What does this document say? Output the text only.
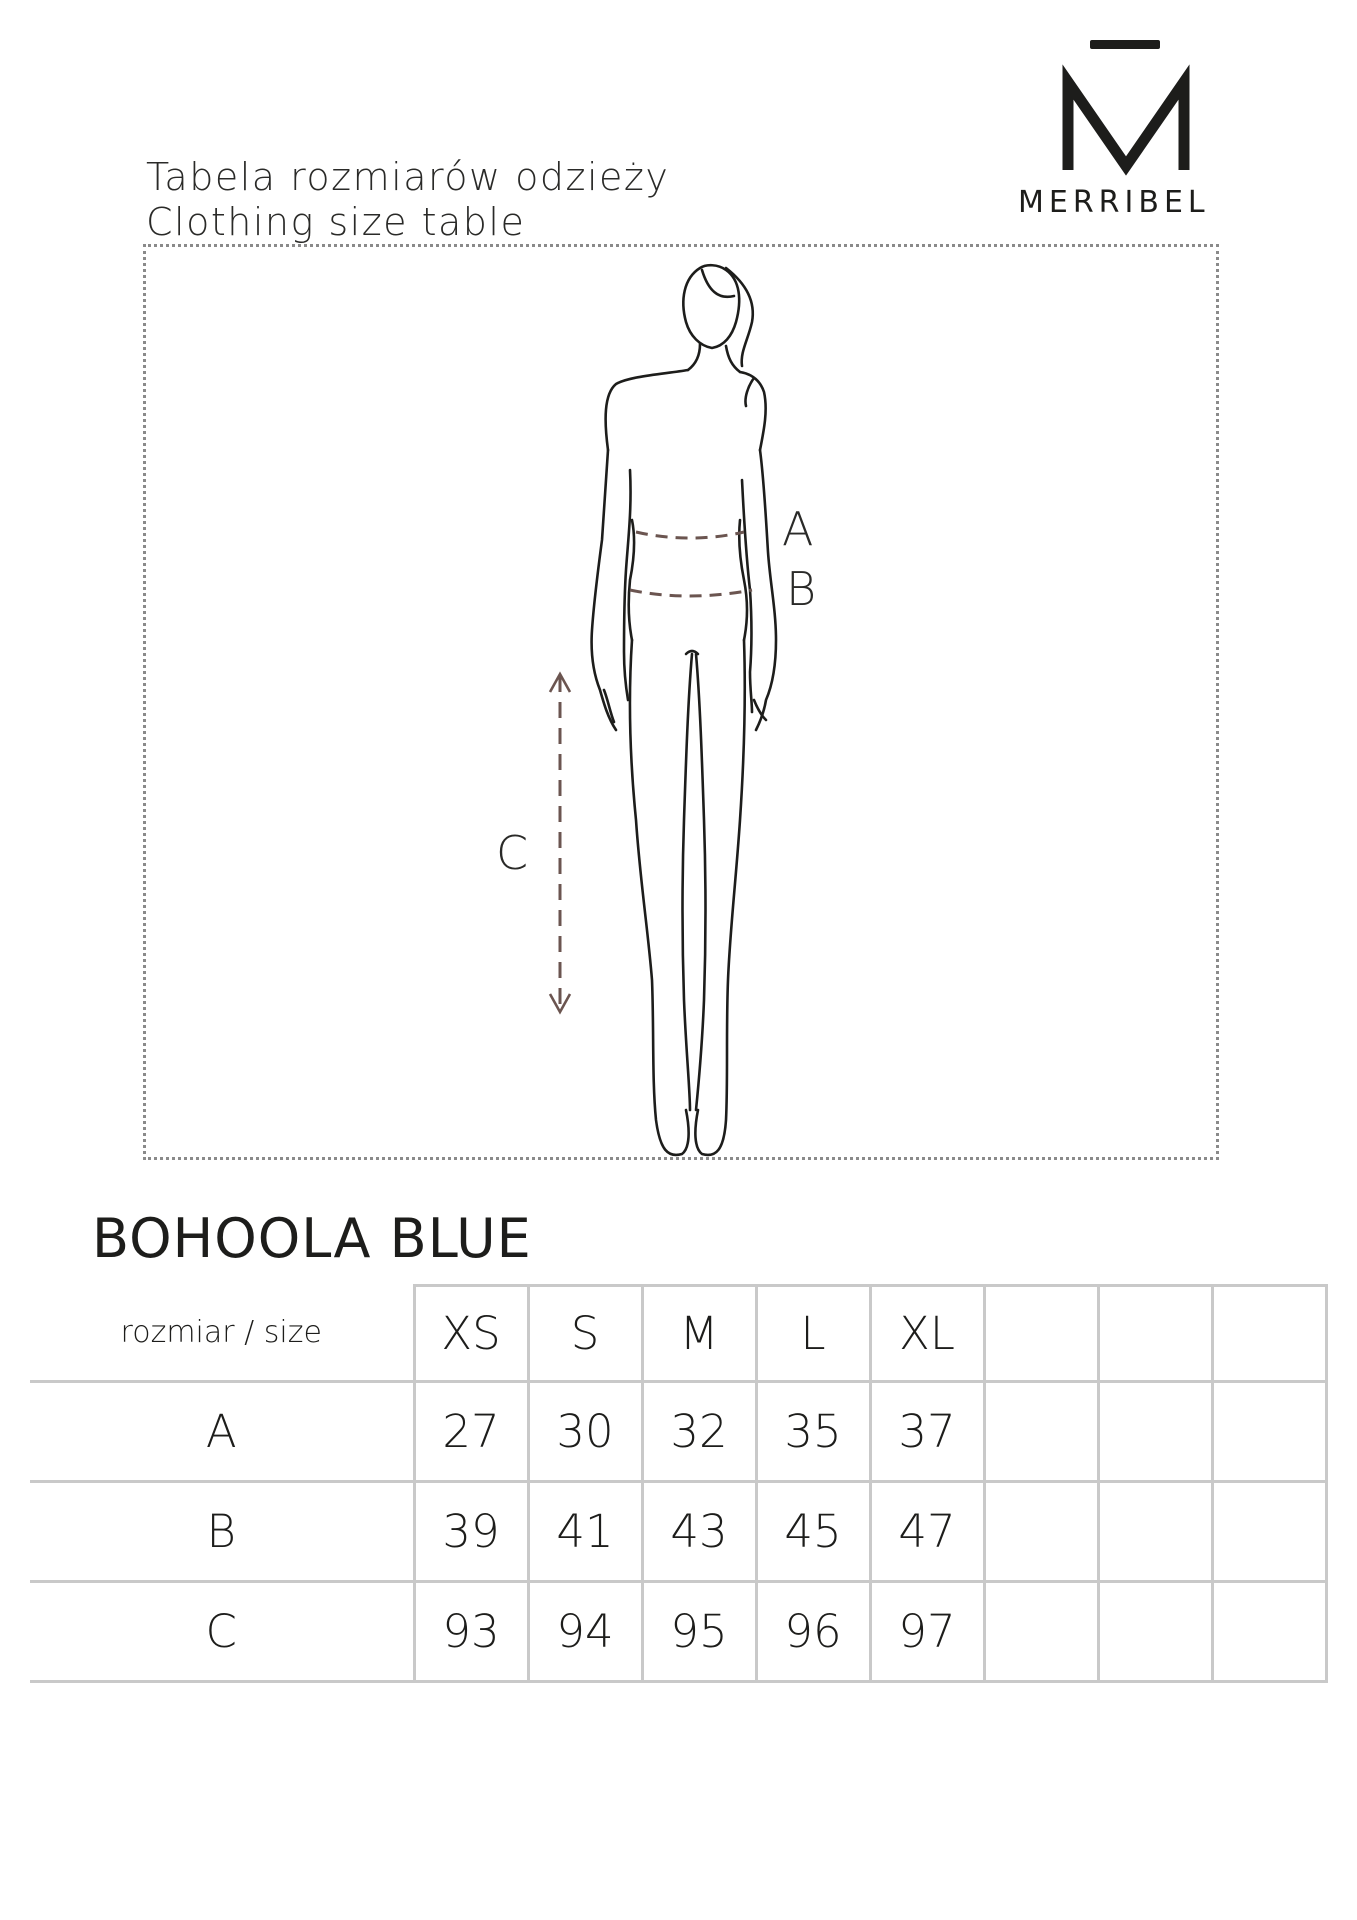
Tabela rozmiarów odzieży
Clothing size table	MERRIBEL
A
B
C
BOHOOLA BLUE
rozmiar / size	XS	S	M	L	XL			
A	27	30	32	35	37			
B	39	41	43	45	47			
C	93	94	95	96	97			
